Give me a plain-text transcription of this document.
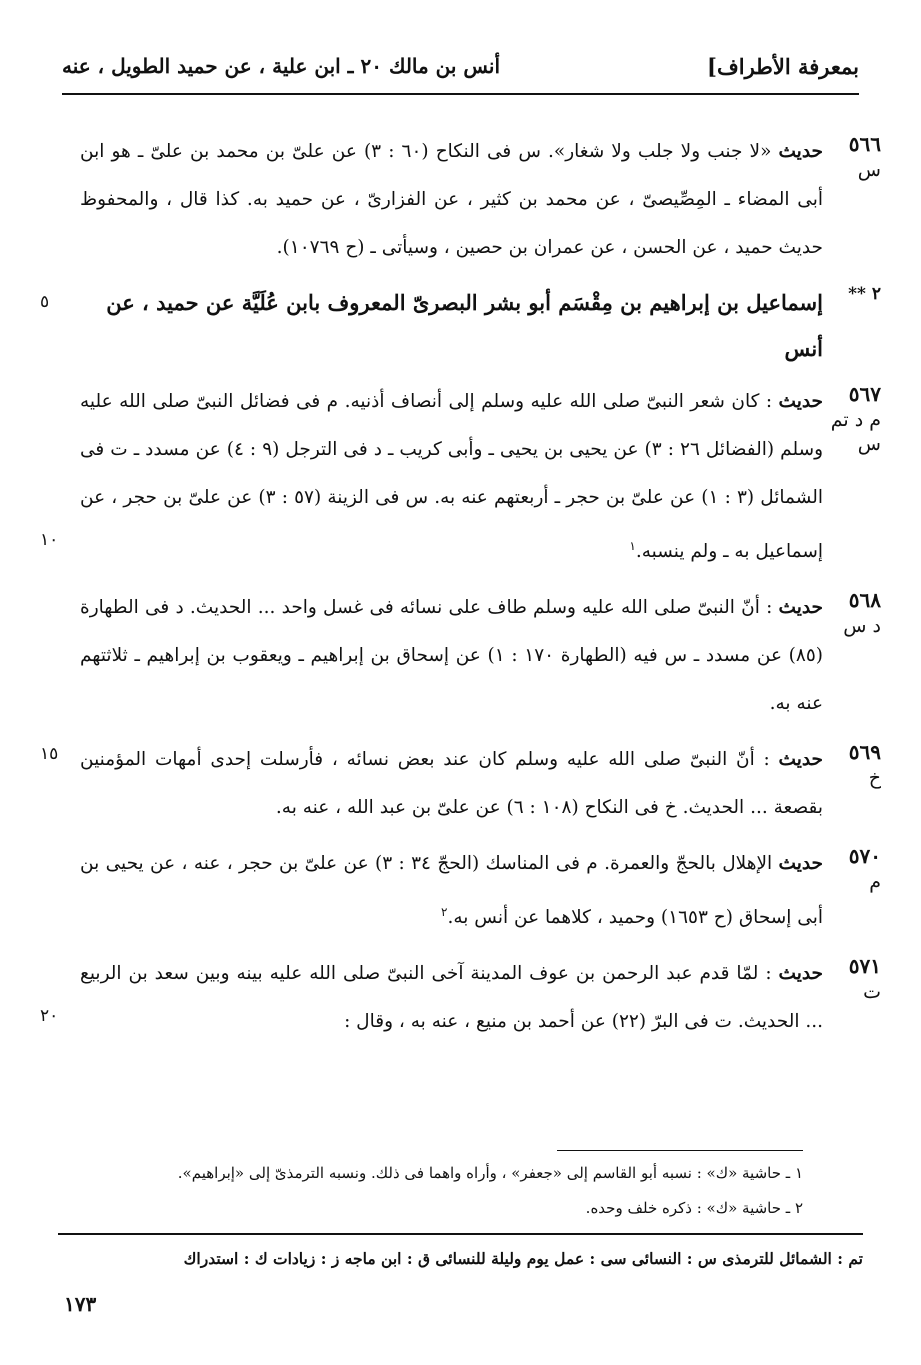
بمعرفة الأطراف]
أنس بن مالك ٢٠ ـ ابن علية ، عن حميد الطويل ، عنه
٥٦٦
س
حديث «لا جنب ولا جلب ولا شغار». س فى النكاح (٦٠ : ٣) عن علىّ بن محمد بن علىّ ـ هو ابن أبى المضاء ـ المِصِّيصىّ ، عن محمد بن كثير ، عن الفزارىّ ، عن حميد به. كذا قال ، والمحفوظ حديث حميد ، عن الحسن ، عن عمران بن حصين ، وسيأتى ـ (ح ١٠٧٦٩).
٢ **
إسماعيل بن إبراهيم بن مِقْسَم أبو بشر البصرىّ المعروف بابن عُلَيَّة عن حميد ، عن أنس
٥
٥٦٧
م د تم س
حديث : كان شعر النبىّ صلى الله عليه وسلم إلى أنصاف أذنيه. م فى فضائل النبىّ صلى الله عليه وسلم (الفضائل ٢٦ : ٣) عن يحيى بن يحيى ـ وأبى كريب ـ د فى الترجل (٩ : ٤) عن مسدد ـ ت فى الشمائل (٣ : ١) عن علىّ بن حجر ـ أربعتهم عنه به. س فى الزينة (٥٧ : ٣) عن علىّ بن حجر ، عن إسماعيل به ـ ولم ينسبه.$^١$
١٠
٥٦٨
د س
حديث : أنّ النبىّ صلى الله عليه وسلم طاف على نسائه فى غسل واحد ... الحديث. د فى الطهارة (٨٥) عن مسدد ـ س فيه (الطهارة ١٧٠ : ١) عن إسحاق بن إبراهيم ـ ويعقوب بن إبراهيم ـ ثلاثتهم عنه به.
٥٦٩
خ
حديث : أنّ النبىّ صلى الله عليه وسلم كان عند بعض نسائه ، فأرسلت إحدى أمهات المؤمنين بقصعة ... الحديث. خ فى النكاح (١٠٨ : ٦) عن علىّ بن عبد الله ، عنه به.
١٥
٥٧٠
م
حديث الإهلال بالحجّ والعمرة. م فى المناسك (الحجّ ٣٤ : ٣) عن علىّ بن حجر ، عنه ، عن يحيى بن أبى إسحاق (ح ١٦٥٣) وحميد ، كلاهما عن أنس به.$^٢$
٥٧١
ت
حديث : لمّا قدم عبد الرحمن بن عوف المدينة آخى النبىّ صلى الله عليه بينه وبين سعد بن الربيع ... الحديث. ت فى البرّ (٢٢) عن أحمد بن منيع ، عنه به ، وقال :
٢٠
١ ـ حاشية «ك» : نسبه أبو القاسم إلى «جعفر» ، وأراه واهما فى ذلك. ونسبه الترمذىّ إلى «إبراهيم».
٢ ـ حاشية «ك» : ذكره خلف وحده.
تم : الشمائل للترمذى س : النسائى سى : عمل يوم وليلة للنسائى ق : ابن ماجه ز : زيادات ك : استدراك
١٧٣
